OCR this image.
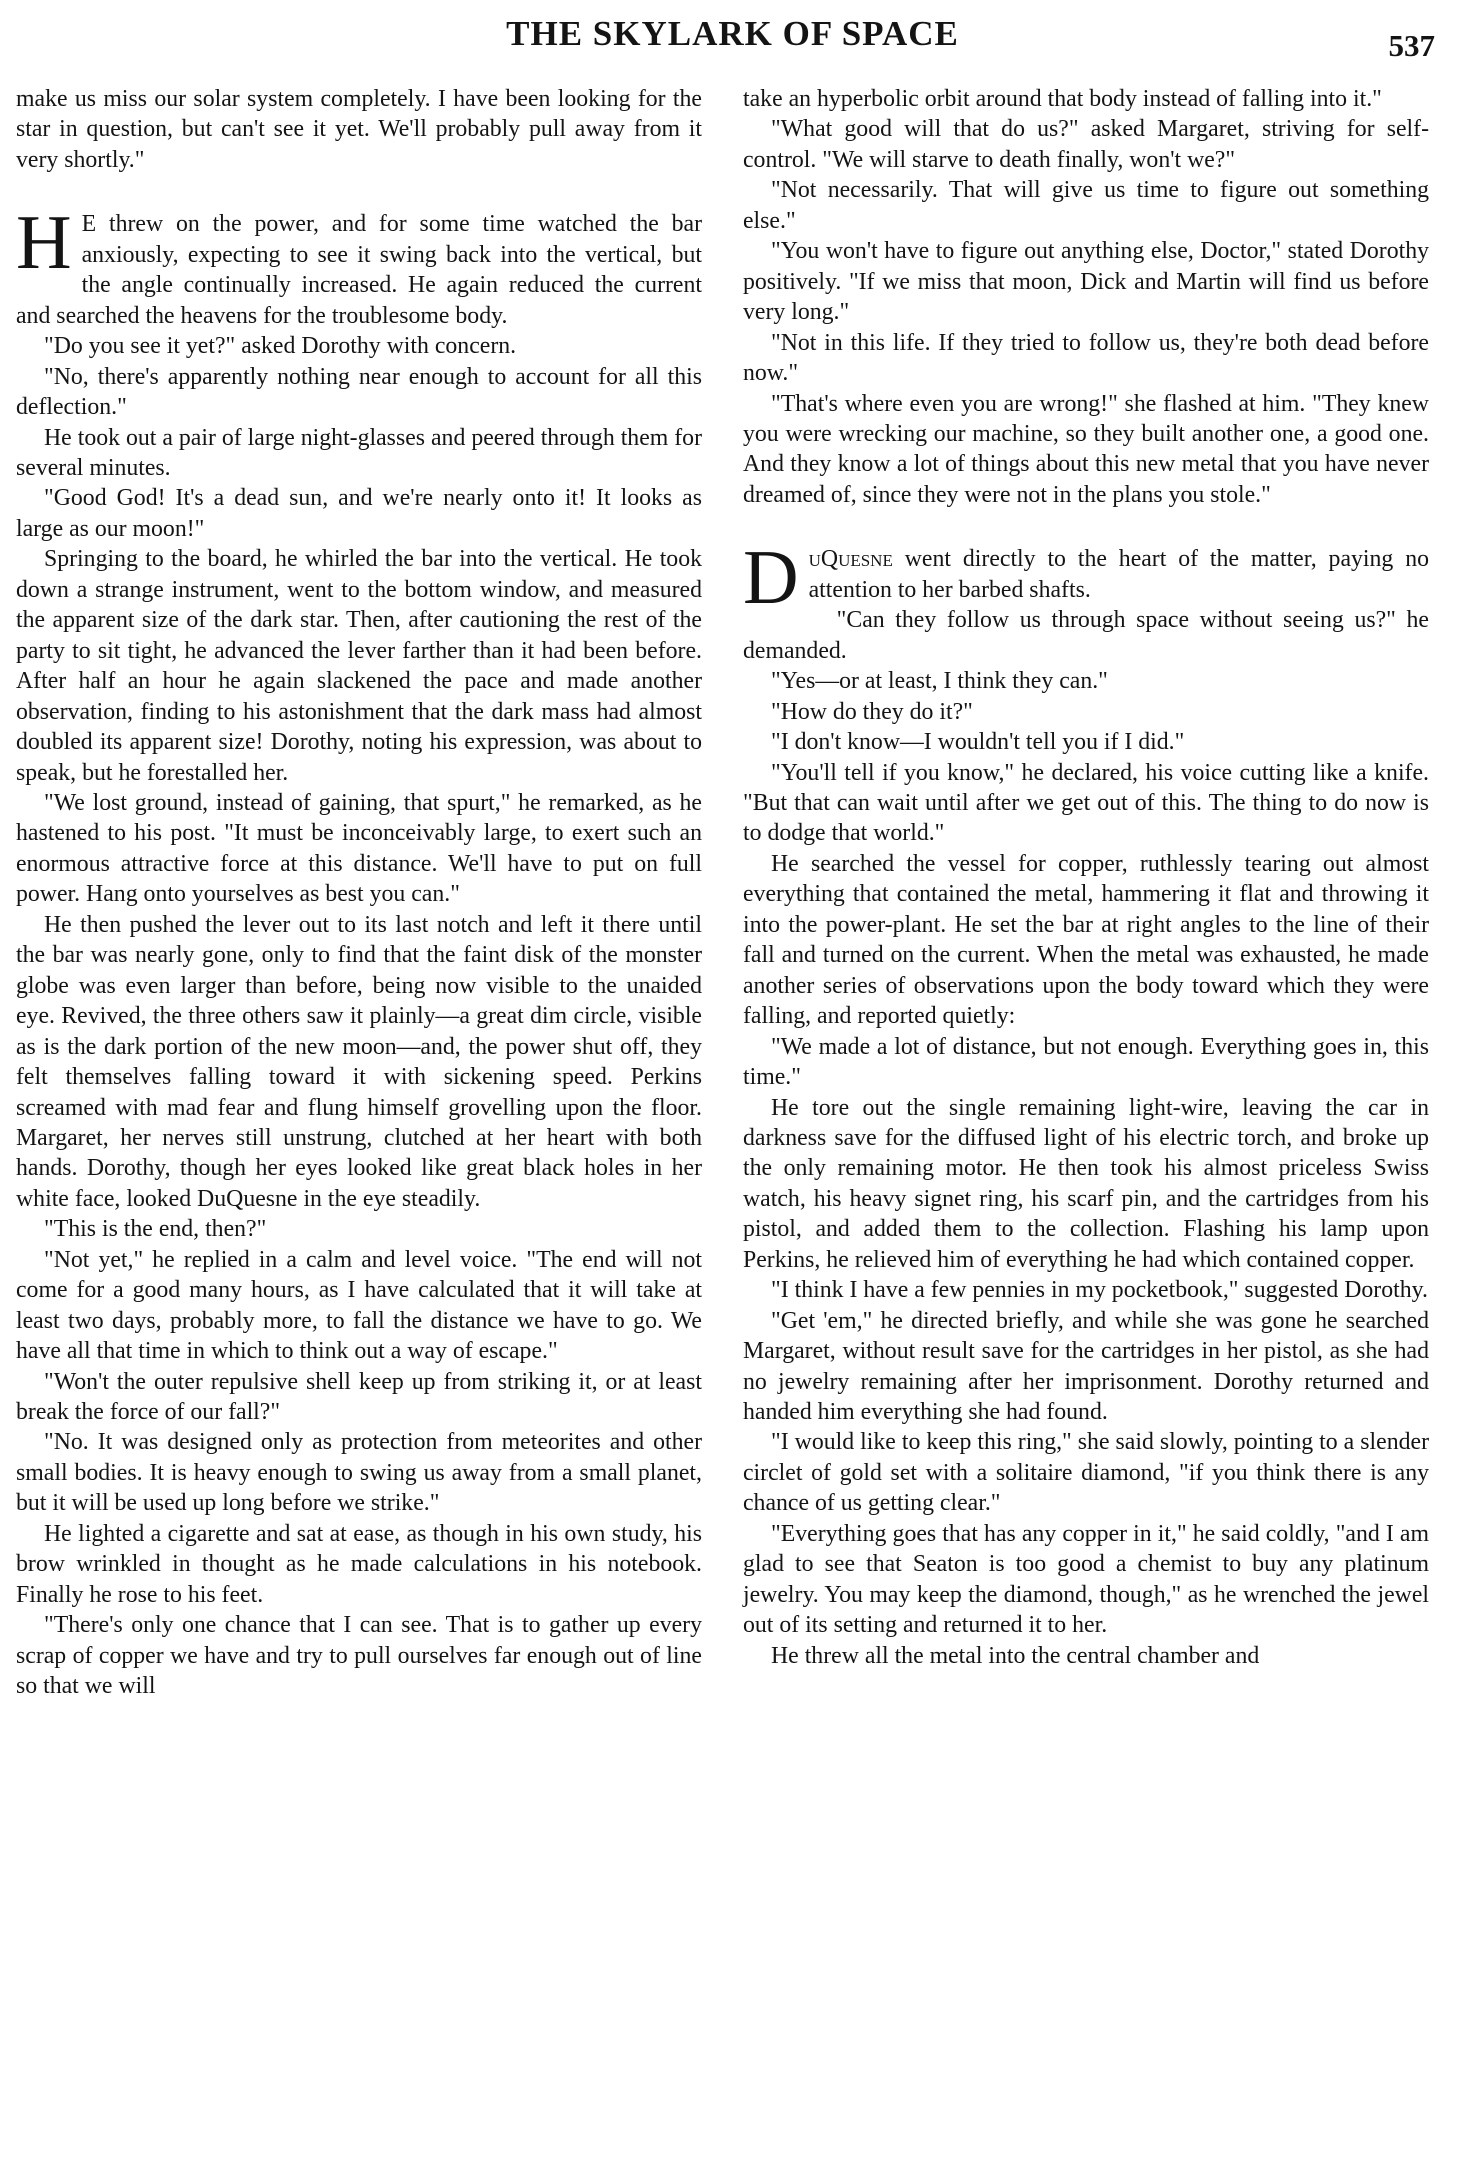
THE SKYLARK OF SPACE	537

make us miss our solar system completely. I have been looking for the star in question, but can't see it yet. We'll probably pull away from it very shortly."

H E threw on the power, and for some time watched the bar anxiously, expecting to see it swing back into the vertical, but the angle continually increased. He again reduced the current and searched the heavens for the troublesome body.

"Do you see it yet?" asked Dorothy with concern.

"No, there's apparently nothing near enough to account for all this deflection."

He took out a pair of large night-glasses and peered through them for several minutes.

"Good God! It's a dead sun, and we're nearly onto it! It looks as large as our moon!"

Springing to the board, he whirled the bar into the vertical. He took down a strange instrument, went to the bottom window, and measured the apparent size of the dark star. Then, after cautioning the rest of the party to sit tight, he advanced the lever farther than it had been before. After half an hour he again slackened the pace and made another observation, finding to his astonishment that the dark mass had almost doubled its apparent size! Dorothy, noting his expression, was about to speak, but he forestalled her.

"We lost ground, instead of gaining, that spurt," he remarked, as he hastened to his post. "It must be inconceivably large, to exert such an enormous attractive force at this distance. We'll have to put on full power. Hang onto yourselves as best you can."

He then pushed the lever out to its last notch and left it there until the bar was nearly gone, only to find that the faint disk of the monster globe was even larger than before, being now visible to the unaided eye. Revived, the three others saw it plainly—a great dim circle, visible as is the dark portion of the new moon—and, the power shut off, they felt themselves falling toward it with sickening speed. Perkins screamed with mad fear and flung himself grovelling upon the floor. Margaret, her nerves still unstrung, clutched at her heart with both hands. Dorothy, though her eyes looked like great black holes in her white face, looked DuQuesne in the eye steadily.

"This is the end, then?"

"Not yet," he replied in a calm and level voice. "The end will not come for a good many hours, as I have calculated that it will take at least two days, probably more, to fall the distance we have to go. We have all that time in which to think out a way of escape."

"Won't the outer repulsive shell keep up from striking it, or at least break the force of our fall?"

"No. It was designed only as protection from meteorites and other small bodies. It is heavy enough to swing us away from a small planet, but it will be used up long before we strike."

He lighted a cigarette and sat at ease, as though in his own study, his brow wrinkled in thought as he made calculations in his notebook. Finally he rose to his feet.

"There's only one chance that I can see. That is to gather up every scrap of copper we have and try to pull ourselves far enough out of line so that we will

take an hyperbolic orbit around that body instead of falling into it."

"What good will that do us?" asked Margaret, striving for self-control. "We will starve to death finally, won't we?"

"Not necessarily. That will give us time to figure out something else."

"You won't have to figure out anything else, Doctor," stated Dorothy positively. "If we miss that moon, Dick and Martin will find us before very long."

"Not in this life. If they tried to follow us, they're both dead before now."

"That's where even you are wrong!" she flashed at him. "They knew you were wrecking our machine, so they built another one, a good one. And they know a lot of things about this new metal that you have never dreamed of, since they were not in the plans you stole."

DuQuesne went directly to the heart of the matter, paying no attention to her barbed shafts.

"Can they follow us through space without seeing us?" he demanded.

"Yes—or at least, I think they can."

"How do they do it?"

"I don't know—I wouldn't tell you if I did."

"You'll tell if you know," he declared, his voice cutting like a knife. "But that can wait until after we get out of this. The thing to do now is to dodge that world."

He searched the vessel for copper, ruthlessly tearing out almost everything that contained the metal, hammering it flat and throwing it into the power-plant. He set the bar at right angles to the line of their fall and turned on the current. When the metal was exhausted, he made another series of observations upon the body toward which they were falling, and reported quietly:

"We made a lot of distance, but not enough. Everything goes in, this time."

He tore out the single remaining light-wire, leaving the car in darkness save for the diffused light of his electric torch, and broke up the only remaining motor. He then took his almost priceless Swiss watch, his heavy signet ring, his scarf pin, and the cartridges from his pistol, and added them to the collection. Flashing his lamp upon Perkins, he relieved him of everything he had which contained copper.

"I think I have a few pennies in my pocketbook," suggested Dorothy.

"Get 'em," he directed briefly, and while she was gone he searched Margaret, without result save for the cartridges in her pistol, as she had no jewelry remaining after her imprisonment. Dorothy returned and handed him everything she had found.

"I would like to keep this ring," she said slowly, pointing to a slender circlet of gold set with a solitaire diamond, "if you think there is any chance of us getting clear."

"Everything goes that has any copper in it," he said coldly, "and I am glad to see that Seaton is too good a chemist to buy any platinum jewelry. You may keep the diamond, though," as he wrenched the jewel out of its setting and returned it to her.

He threw all the metal into the central chamber and
